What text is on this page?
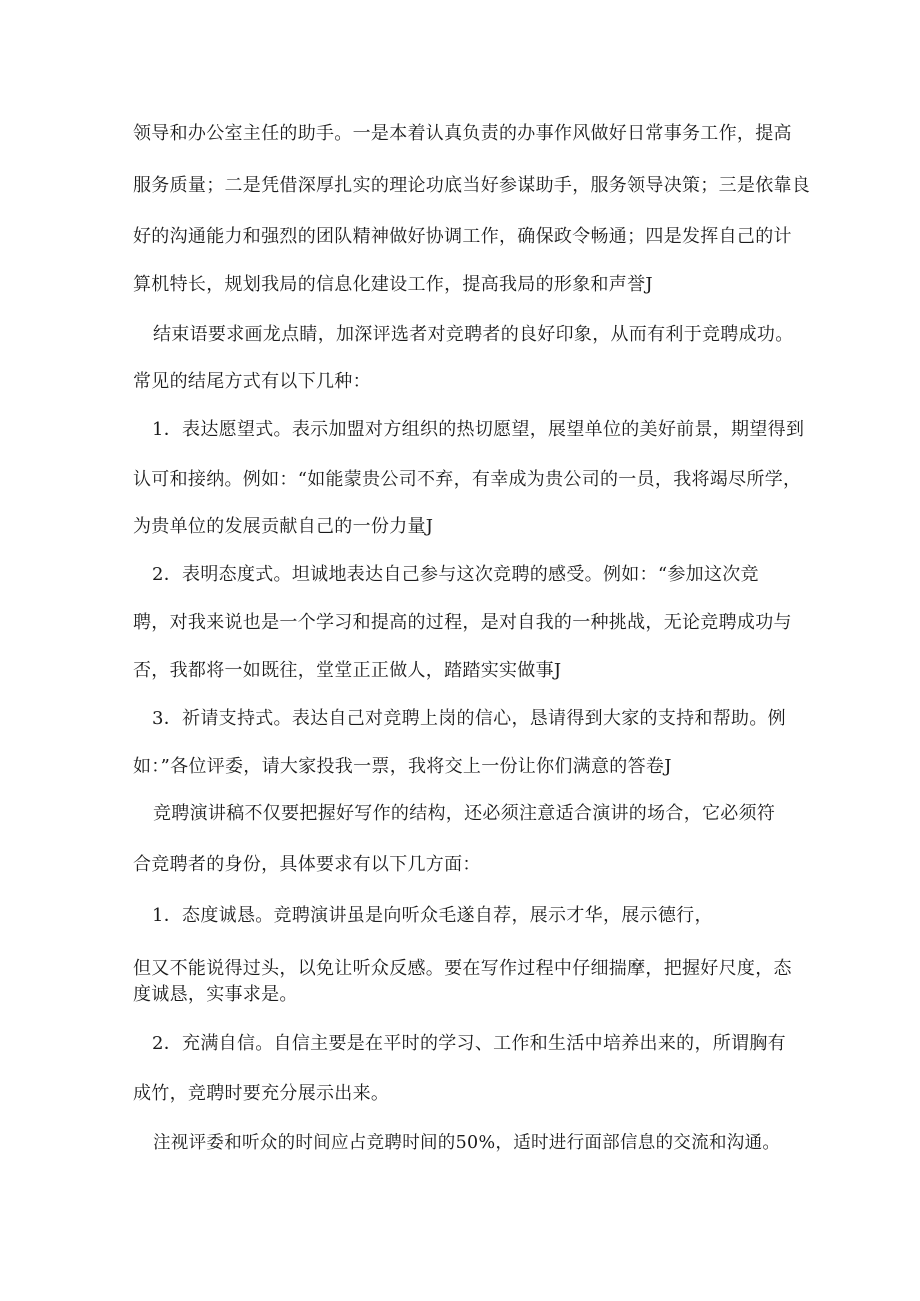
领导和办公室主任的助手。一是本着认真负责的办事作风做好日常事务工作，提高

服务质量；二是凭借深厚扎实的理论功底当好参谋助手，服务领导决策；三是依靠良

好的沟通能力和强烈的团队精神做好协调工作，确保政令畅通；四是发挥自己的计

算机特长，规划我局的信息化建设工作，提高我局的形象和声誉J

结束语要求画龙点睛，加深评选者对竞聘者的良好印象，从而有利于竞聘成功。

常见的结尾方式有以下几种：

1．表达愿望式。表示加盟对方组织的热切愿望，展望单位的美好前景，期望得到

认可和接纳。例如：“如能蒙贵公司不弃，有幸成为贵公司的一员，我将竭尽所学，

为贵单位的发展贡献自己的一份力量J

2．表明态度式。坦诚地表达自己参与这次竞聘的感受。例如：“参加这次竞

聘，对我来说也是一个学习和提高的过程，是对自我的一种挑战，无论竞聘成功与

否，我都将一如既往，堂堂正正做人，踏踏实实做事J

3．祈请支持式。表达自己对竞聘上岗的信心，恳请得到大家的支持和帮助。例

如：”各位评委，请大家投我一票，我将交上一份让你们满意的答卷J

竞聘演讲稿不仅要把握好写作的结构，还必须注意适合演讲的场合，它必须符

合竞聘者的身份，具体要求有以下几方面：

1．态度诚恳。竞聘演讲虽是向听众毛遂自荐，展示才华，展示德行，

但又不能说得过头，以免让听众反感。要在写作过程中仔细揣摩，把握好尺度，态

度诚恳，实事求是。

2．充满自信。自信主要是在平时的学习、工作和生活中培养出来的，所谓胸有

成竹，竞聘时要充分展示出来。

注视评委和听众的时间应占竞聘时间的50%，适时进行面部信息的交流和沟通。
